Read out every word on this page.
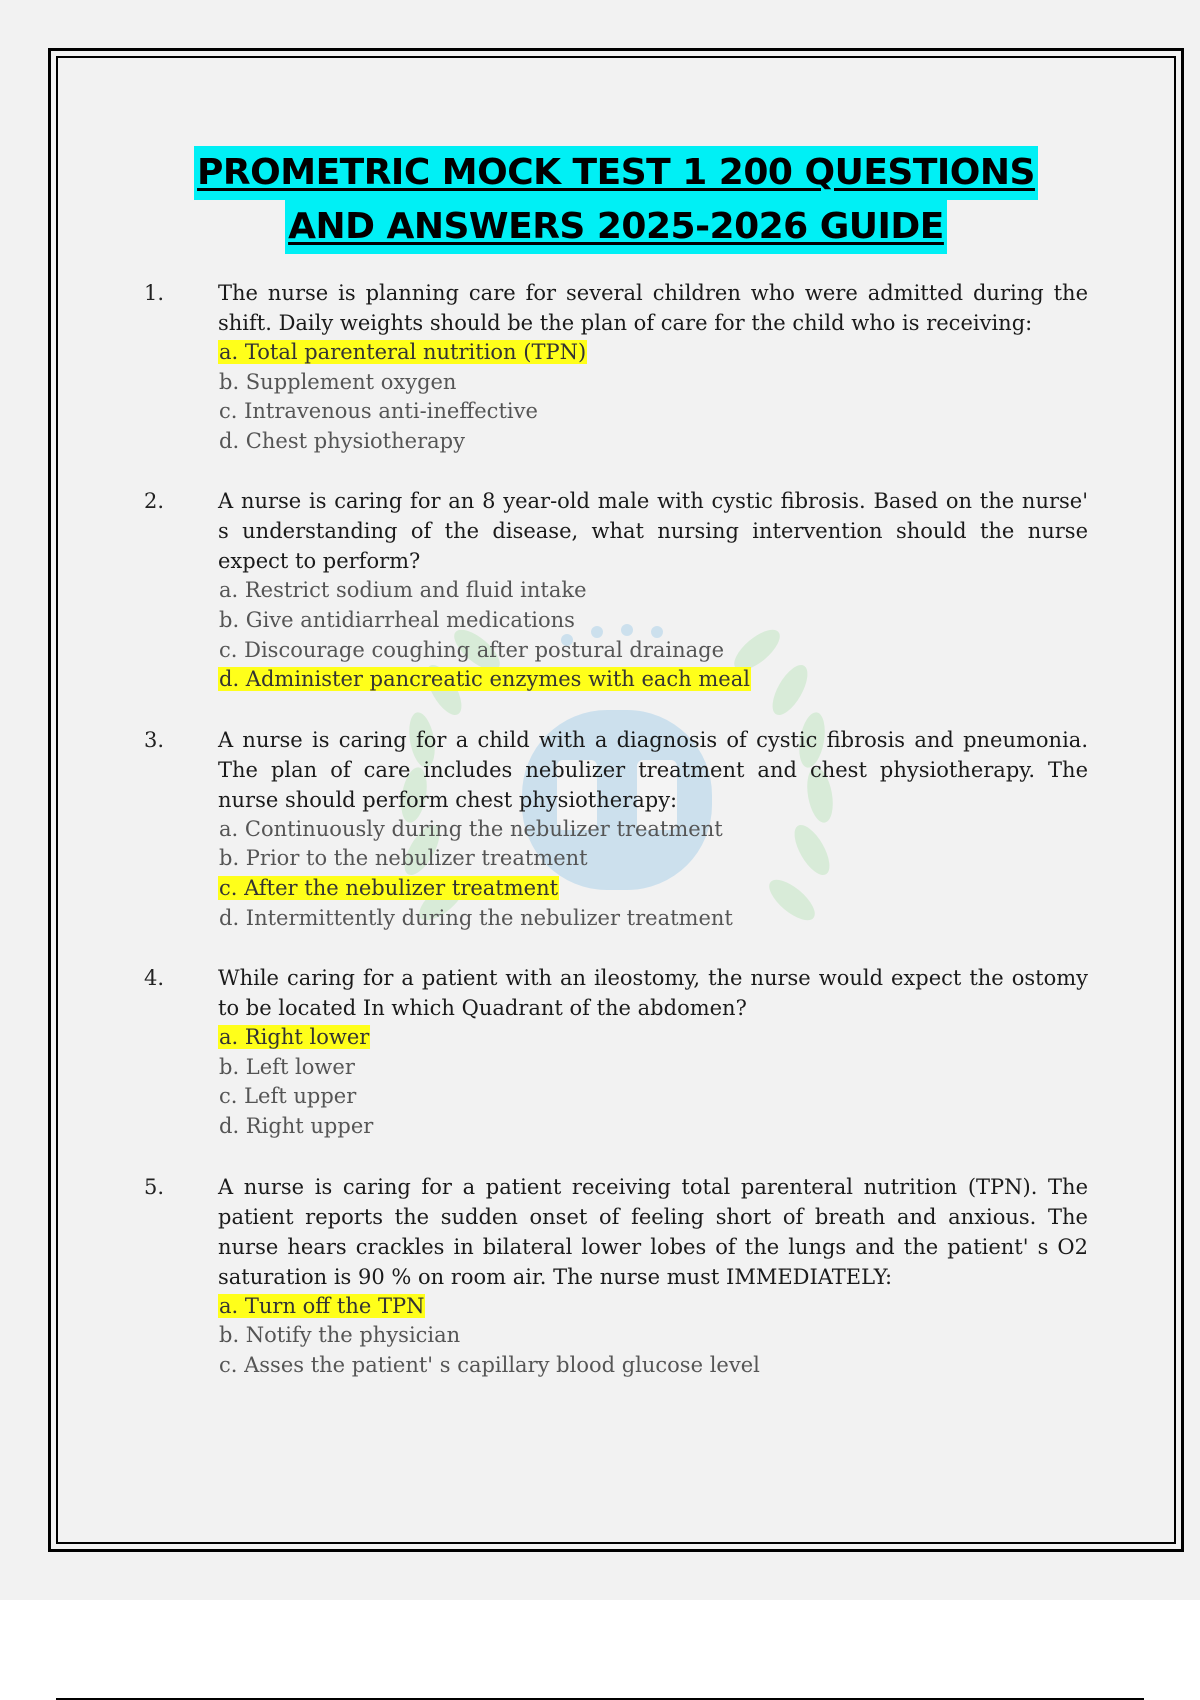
PROMETRIC MOCK TEST 1 200 QUESTIONS
AND ANSWERS 2025-2026 GUIDE
1.	The nurse is planning care for several children who were admitted during the shift. Daily weights should be the plan of care for the child who is receiving:
a. Total parenteral nutrition (TPN)
b. Supplement oxygen
c. Intravenous anti-ineffective
d. Chest physiotherapy
2.	A nurse is caring for an 8 year-old male with cystic fibrosis. Based on the nurse' s understanding of the disease, what nursing intervention should the nurse expect to perform?
a. Restrict sodium and fluid intake
b. Give antidiarrheal medications
c. Discourage coughing after postural drainage
d. Administer pancreatic enzymes with each meal
3.	A nurse is caring for a child with a diagnosis of cystic fibrosis and pneumonia. The plan of care includes nebulizer treatment and chest physiotherapy. The nurse should perform chest physiotherapy:
a. Continuously during the nebulizer treatment
b. Prior to the nebulizer treatment
c. After the nebulizer treatment
d. Intermittently during the nebulizer treatment
4.	While caring for a patient with an ileostomy, the nurse would expect the ostomy to be located In which Quadrant of the abdomen?
a. Right lower
b. Left lower
c. Left upper
d. Right upper
5.	A nurse is caring for a patient receiving total parenteral nutrition (TPN). The patient reports the sudden onset of feeling short of breath and anxious. The nurse hears crackles in bilateral lower lobes of the lungs and the patient' s O2 saturation is 90 % on room air. The nurse must IMMEDIATELY:
a. Turn off the TPN
b. Notify the physician
c. Asses the patient' s capillary blood glucose level
